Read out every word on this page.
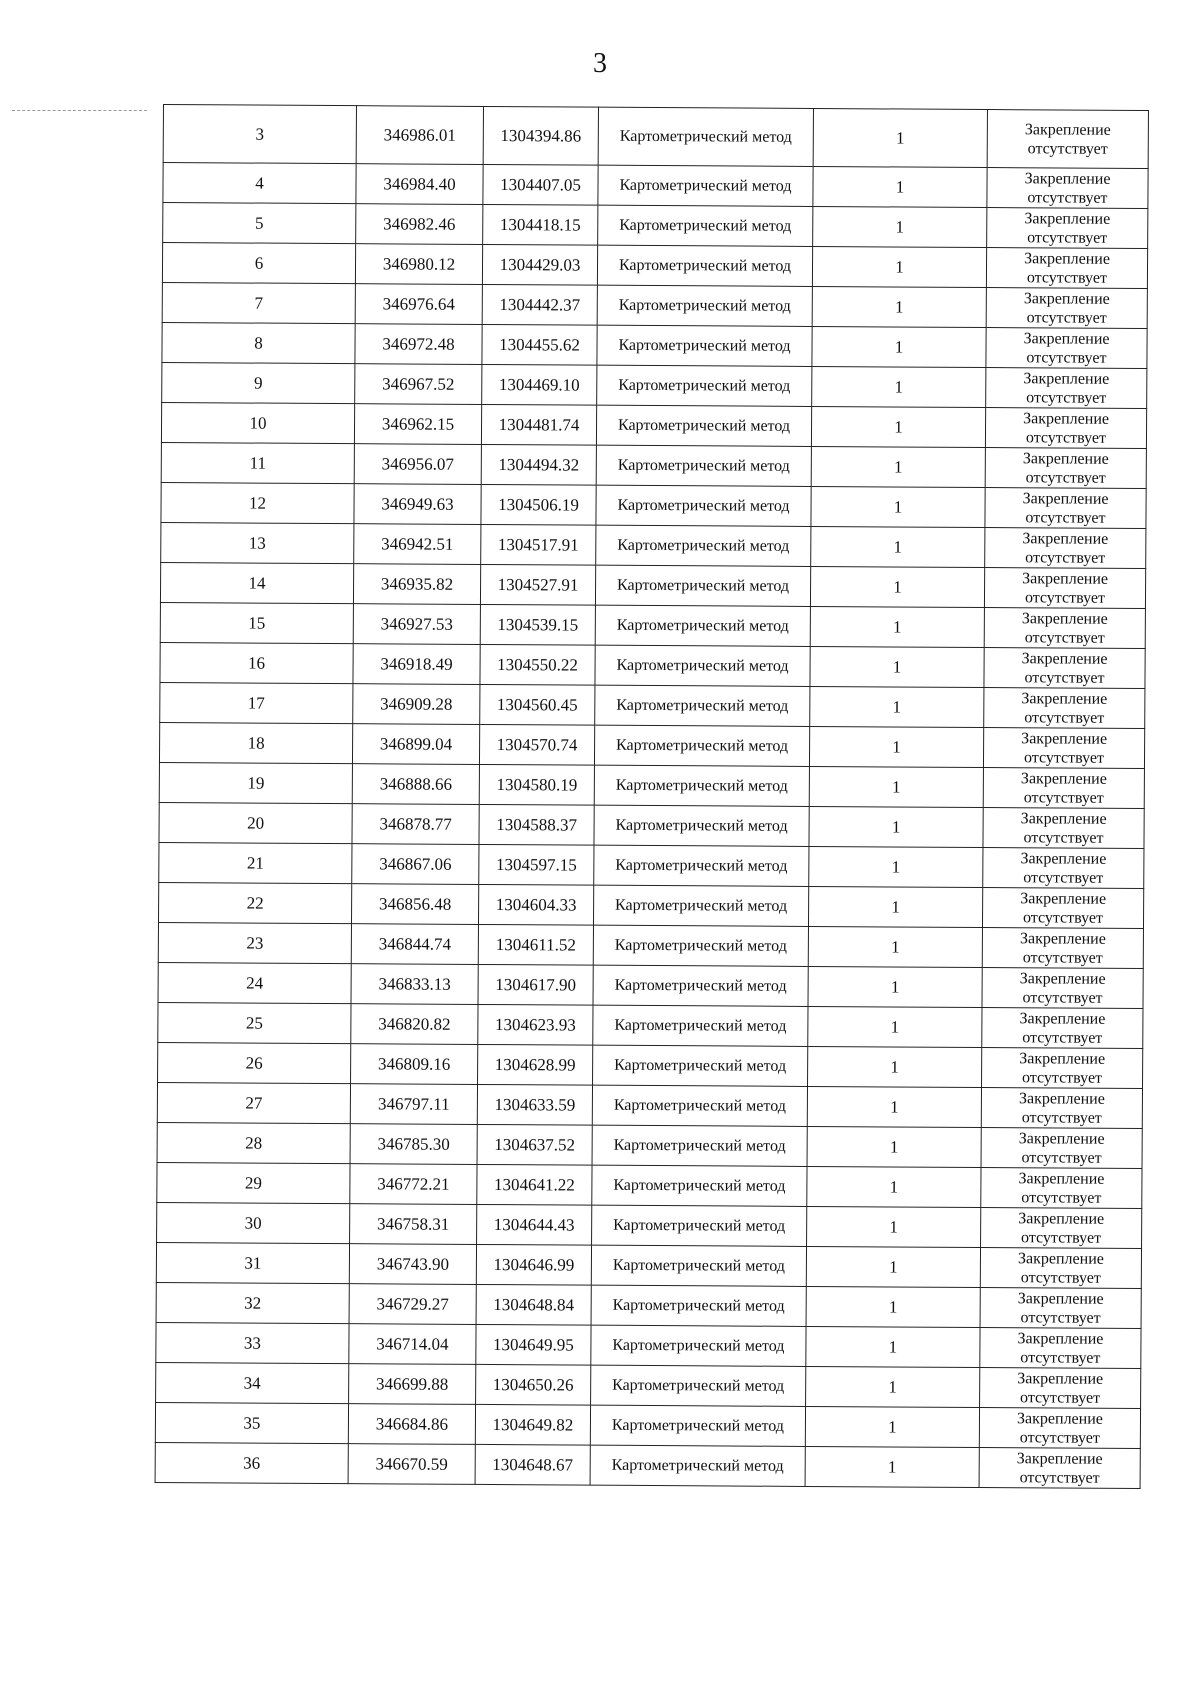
3
3	346986.01	1304394.86	Картометрический метод	1	Закрепление отсутствует
4	346984.40	1304407.05	Картометрический метод	1	Закрепление отсутствует
5	346982.46	1304418.15	Картометрический метод	1	Закрепление отсутствует
6	346980.12	1304429.03	Картометрический метод	1	Закрепление отсутствует
7	346976.64	1304442.37	Картометрический метод	1	Закрепление отсутствует
8	346972.48	1304455.62	Картометрический метод	1	Закрепление отсутствует
9	346967.52	1304469.10	Картометрический метод	1	Закрепление отсутствует
10	346962.15	1304481.74	Картометрический метод	1	Закрепление отсутствует
11	346956.07	1304494.32	Картометрический метод	1	Закрепление отсутствует
12	346949.63	1304506.19	Картометрический метод	1	Закрепление отсутствует
13	346942.51	1304517.91	Картометрический метод	1	Закрепление отсутствует
14	346935.82	1304527.91	Картометрический метод	1	Закрепление отсутствует
15	346927.53	1304539.15	Картометрический метод	1	Закрепление отсутствует
16	346918.49	1304550.22	Картометрический метод	1	Закрепление отсутствует
17	346909.28	1304560.45	Картометрический метод	1	Закрепление отсутствует
18	346899.04	1304570.74	Картометрический метод	1	Закрепление отсутствует
19	346888.66	1304580.19	Картометрический метод	1	Закрепление отсутствует
20	346878.77	1304588.37	Картометрический метод	1	Закрепление отсутствует
21	346867.06	1304597.15	Картометрический метод	1	Закрепление отсутствует
22	346856.48	1304604.33	Картометрический метод	1	Закрепление отсутствует
23	346844.74	1304611.52	Картометрический метод	1	Закрепление отсутствует
24	346833.13	1304617.90	Картометрический метод	1	Закрепление отсутствует
25	346820.82	1304623.93	Картометрический метод	1	Закрепление отсутствует
26	346809.16	1304628.99	Картометрический метод	1	Закрепление отсутствует
27	346797.11	1304633.59	Картометрический метод	1	Закрепление отсутствует
28	346785.30	1304637.52	Картометрический метод	1	Закрепление отсутствует
29	346772.21	1304641.22	Картометрический метод	1	Закрепление отсутствует
30	346758.31	1304644.43	Картометрический метод	1	Закрепление отсутствует
31	346743.90	1304646.99	Картометрический метод	1	Закрепление отсутствует
32	346729.27	1304648.84	Картометрический метод	1	Закрепление отсутствует
33	346714.04	1304649.95	Картометрический метод	1	Закрепление отсутствует
34	346699.88	1304650.26	Картометрический метод	1	Закрепление отсутствует
35	346684.86	1304649.82	Картометрический метод	1	Закрепление отсутствует
36	346670.59	1304648.67	Картометрический метод	1	Закрепление отсутствует
